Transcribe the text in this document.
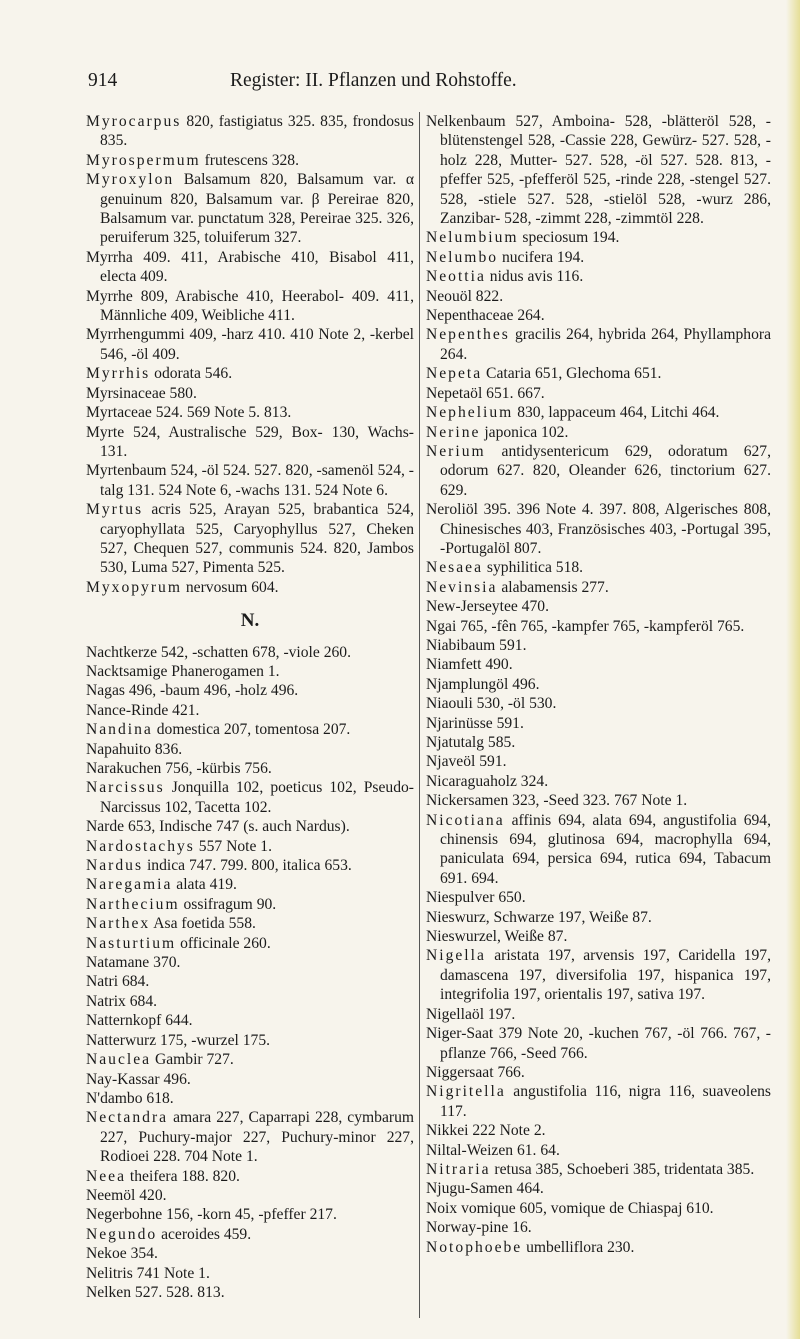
914	Register: II. Pflanzen und Rohstoffe.

Myrocarpus 820, fastigiatus 325. 835, frondosus 835.

Myrospermum frutescens 328.

Myroxylon Balsamum 820, Balsamum var. α genuinum 820, Balsamum var. β Pereirae 820, Balsamum var. punctatum 328, Pereirae 325. 326, peruiferum 325, toluiferum 327.

Myrrha 409. 411, Arabische 410, Bisabol 411, electa 409.

Myrrhe 809, Arabische 410, Heerabol- 409. 411, Männliche 409, Weibliche 411.

Myrrhengummi 409, -harz 410. 410 Note 2, -kerbel 546, -öl 409.

Myrrhis odorata 546.

Myrsinaceae 580.

Myrtaceae 524. 569 Note 5. 813.

Myrte 524, Australische 529, Box- 130, Wachs- 131.

Myrtenbaum 524, -öl 524. 527. 820, -samenöl 524, -talg 131. 524 Note 6, -wachs 131. 524 Note 6.

Myrtus acris 525, Arayan 525, brabantica 524, caryophyllata 525, Caryophyllus 527, Cheken 527, Chequen 527, communis 524. 820, Jambos 530, Luma 527, Pimenta 525.

Myxopyrum nervosum 604.

N.

Nachtkerze 542, -schatten 678, -viole 260.

Nacktsamige Phanerogamen 1.

Nagas 496, -baum 496, -holz 496.

Nance-Rinde 421.

Nandina domestica 207, tomentosa 207.

Napahuito 836.

Narakuchen 756, -kürbis 756.

Narcissus Jonquilla 102, poeticus 102, Pseudo-Narcissus 102, Tacetta 102.

Narde 653, Indische 747 (s. auch Nardus).

Nardostachys 557 Note 1.

Nardus indica 747. 799. 800, italica 653.

Naregamia alata 419.

Narthecium ossifragum 90.

Narthex Asa foetida 558.

Nasturtium officinale 260.

Natamane 370.

Natri 684.

Natrix 684.

Natternkopf 644.

Natterwurz 175, -wurzel 175.

Nauclea Gambir 727.

Nay-Kassar 496.

N'dambo 618.

Nectandra amara 227, Caparrapi 228, cymbarum 227, Puchury-major 227, Puchury-minor 227, Rodioei 228. 704 Note 1.

Neea theifera 188. 820.

Neemöl 420.

Negerbohne 156, -korn 45, -pfeffer 217.

Negundo aceroides 459.

Nekoe 354.

Nelitris 741 Note 1.

Nelken 527. 528. 813.

Nelkenbaum 527, Amboina- 528, -blätteröl 528, -blütenstengel 528, -Cassie 228, Gewürz- 527. 528, -holz 228, Mutter- 527. 528, -öl 527. 528. 813, -pfeffer 525, -pfefferöl 525, -rinde 228, -stengel 527. 528, -stiele 527. 528, -stielöl 528, -wurz 286, Zanzibar- 528, -zimmt 228, -zimmtöl 228.

Nelumbium speciosum 194.

Nelumbo nucifera 194.

Neottia nidus avis 116.

Neouöl 822.

Nepenthaceae 264.

Nepenthes gracilis 264, hybrida 264, Phyllamphora 264.

Nepeta Cataria 651, Glechoma 651.

Nepetaöl 651. 667.

Nephelium 830, lappaceum 464, Litchi 464.

Nerine japonica 102.

Nerium antidysentericum 629, odoratum 627, odorum 627. 820, Oleander 626, tinctorium 627. 629.

Neroliöl 395. 396 Note 4. 397. 808, Algerisches 808, Chinesisches 403, Französisches 403, -Portugal 395, -Portugalöl 807.

Nesaea syphilitica 518.

Nevinsia alabamensis 277.

New-Jerseytee 470.

Ngai 765, -fên 765, -kampfer 765, -kampferöl 765.

Niabibaum 591.

Niamfett 490.

Njamplungöl 496.

Niaouli 530, -öl 530.

Njarinüsse 591.

Njatutalg 585.

Njaveöl 591.

Nicaraguaholz 324.

Nickersamen 323, -Seed 323. 767 Note 1.

Nicotiana affinis 694, alata 694, angustifolia 694, chinensis 694, glutinosa 694, macrophylla 694, paniculata 694, persica 694, rutica 694, Tabacum 691. 694.

Niespulver 650.

Nieswurz, Schwarze 197, Weiße 87.

Nieswurzel, Weiße 87.

Nigella aristata 197, arvensis 197, Caridella 197, damascena 197, diversifolia 197, hispanica 197, integrifolia 197, orientalis 197, sativa 197.

Nigellaöl 197.

Niger-Saat 379 Note 20, -kuchen 767, -öl 766. 767, -pflanze 766, -Seed 766.

Niggersaat 766.

Nigritella angustifolia 116, nigra 116, suaveolens 117.

Nikkei 222 Note 2.

Niltal-Weizen 61. 64.

Nitraria retusa 385, Schoeberi 385, tridentata 385.

Njugu-Samen 464.

Noix vomique 605, vomique de Chiaspaj 610.

Norway-pine 16.

Notophoebe umbelliflora 230.
